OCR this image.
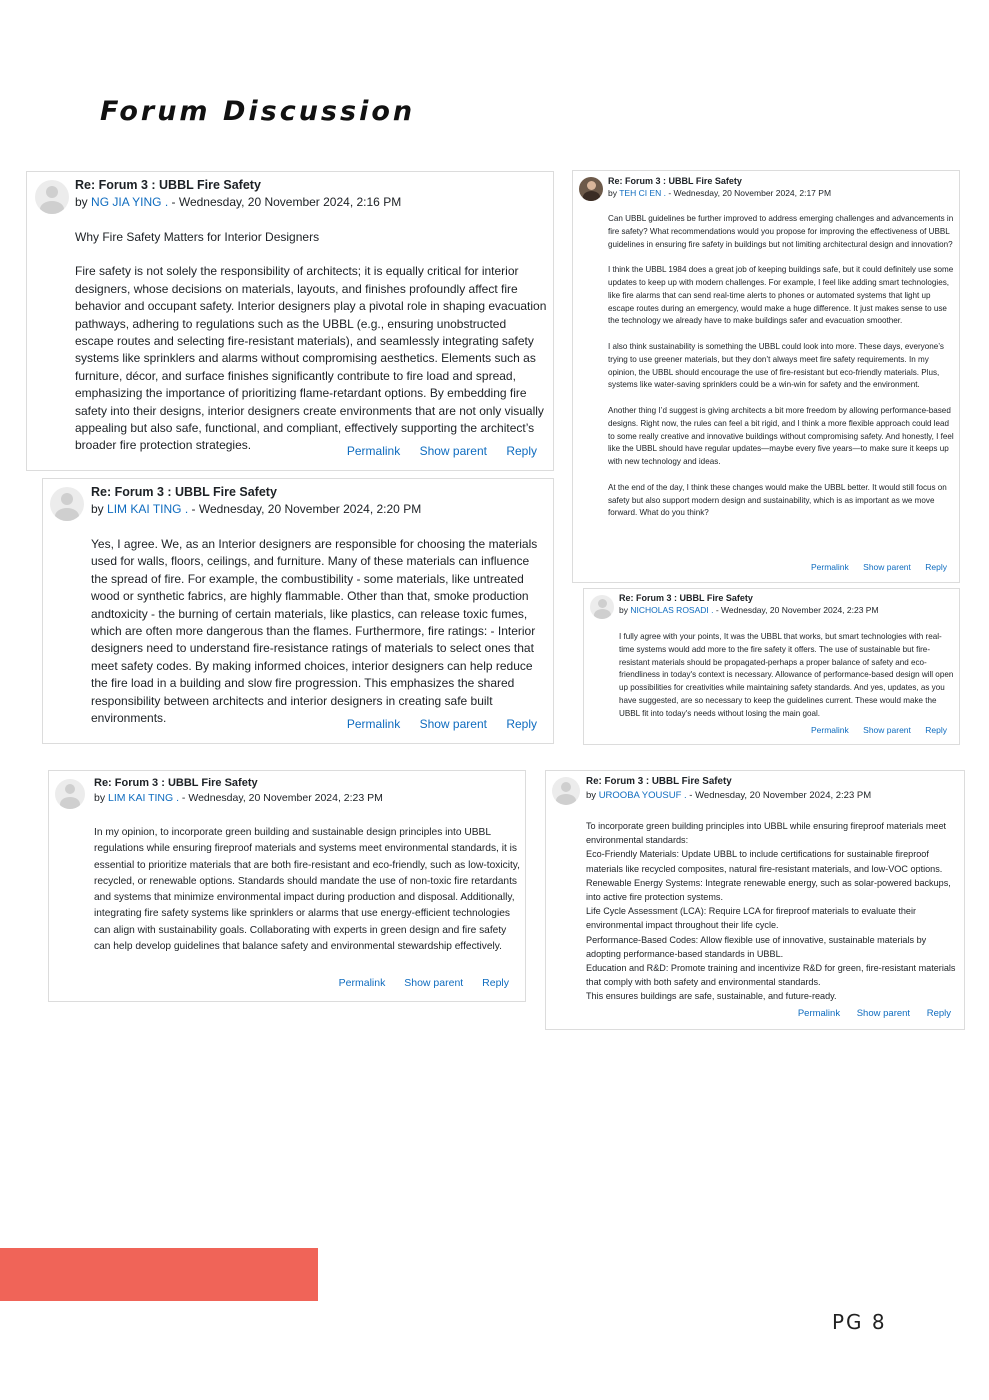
Forum Discussion
Re: Forum 3 : UBBL Fire Safety
by NG JIA YING . - Wednesday, 20 November 2024, 2:16 PM

Why Fire Safety Matters for Interior Designers

Fire safety is not solely the responsibility of architects; it is equally critical for interior designers, whose decisions on materials, layouts, and finishes profoundly affect fire behavior and occupant safety. Interior designers play a pivotal role in shaping evacuation pathways, adhering to regulations such as the UBBL (e.g., ensuring unobstructed escape routes and selecting fire-resistant materials), and seamlessly integrating safety systems like sprinklers and alarms without compromising aesthetics. Elements such as furniture, décor, and surface finishes significantly contribute to fire load and spread, emphasizing the importance of prioritizing flame-retardant options. By embedding fire safety into their designs, interior designers create environments that are not only visually appealing but also safe, functional, and compliant, effectively supporting the architect’s broader fire protection strategies.	Permalink Show parent Reply
Re: Forum 3 : UBBL Fire Safety
by LIM KAI TING . - Wednesday, 20 November 2024, 2:20 PM

Yes, I agree. We, as an Interior designers are responsible for choosing the materials used for walls, floors, ceilings, and furniture. Many of these materials can influence the spread of fire. For example, the combustibility - some materials, like untreated wood or synthetic fabrics, are highly flammable. Other than that, smoke production andtoxicity - the burning of certain materials, like plastics, can release toxic fumes, which are often more dangerous than the flames. Furthermore, fire ratings: - Interior designers need to understand fire-resistance ratings of materials to select ones that meet safety codes. By making informed choices, interior designers can help reduce the fire load in a building and slow fire progression. This emphasizes the shared responsibility between architects and interior designers in creating safe built environments.	Permalink Show parent Reply
Re: Forum 3 : UBBL Fire Safety
by TEH CI EN . - Wednesday, 20 November 2024, 2:17 PM

Can UBBL guidelines be further improved to address emerging challenges and advancements in fire safety? What recommendations would you propose for improving the effectiveness of UBBL guidelines in ensuring fire safety in buildings but not limiting architectural design and innovation?

I think the UBBL 1984 does a great job of keeping buildings safe, but it could definitely use some updates to keep up with modern challenges. For example, I feel like adding smart technologies, like fire alarms that can send real-time alerts to phones or automated systems that light up escape routes during an emergency, would make a huge difference. It just makes sense to use the technology we already have to make buildings safer and evacuation smoother.

I also think sustainability is something the UBBL could look into more. These days, everyone’s trying to use greener materials, but they don’t always meet fire safety requirements. In my opinion, the UBBL should encourage the use of fire-resistant but eco-friendly materials. Plus, systems like water-saving sprinklers could be a win-win for safety and the environment.

Another thing I’d suggest is giving architects a bit more freedom by allowing performance-based designs. Right now, the rules can feel a bit rigid, and I think a more flexible approach could lead to some really creative and innovative buildings without compromising safety. And honestly, I feel like the UBBL should have regular updates—maybe every five years—to make sure it keeps up with new technology and ideas.

At the end of the day, I think these changes would make the UBBL better. It would still focus on safety but also support modern design and sustainability, which is as important as we move forward. What do you think?

Permalink Show parent Reply
Re: Forum 3 : UBBL Fire Safety
by NICHOLAS ROSADI . - Wednesday, 20 November 2024, 2:23 PM

I fully agree with your points, It was the UBBL that works, but smart technologies with real-time systems would add more to the fire safety it offers. The use of sustainable but fire-resistant materials should be propagated-perhaps a proper balance of safety and eco-friendliness in today's context is necessary. Allowance of performance-based design will open up possibilities for creativities while maintaining safety standards. And yes, updates, as you have suggested, are so necessary to keep the guidelines current. These would make the UBBL fit into today's needs without losing the main goal.

Permalink Show parent Reply
Re: Forum 3 : UBBL Fire Safety
by LIM KAI TING . - Wednesday, 20 November 2024, 2:23 PM

In my opinion, to incorporate green building and sustainable design principles into UBBL regulations while ensuring fireproof materials and systems meet environmental standards, it is essential to prioritize materials that are both fire-resistant and eco-friendly, such as low-toxicity, recycled, or renewable options. Standards should mandate the use of non-toxic fire retardants and systems that minimize environmental impact during production and disposal. Additionally, integrating fire safety systems like sprinklers or alarms that use energy-efficient technologies can align with sustainability goals. Collaborating with experts in green design and fire safety can help develop guidelines that balance safety and environmental stewardship effectively.

Permalink Show parent Reply
Re: Forum 3 : UBBL Fire Safety
by UROOBA YOUSUF . - Wednesday, 20 November 2024, 2:23 PM

To incorporate green building principles into UBBL while ensuring fireproof materials meet environmental standards:

Eco-Friendly Materials: Update UBBL to include certifications for sustainable fireproof materials like recycled composites, natural fire-resistant materials, and low-VOC options.

Renewable Energy Systems: Integrate renewable energy, such as solar-powered backups, into active fire protection systems.

Life Cycle Assessment (LCA): Require LCA for fireproof materials to evaluate their environmental impact throughout their life cycle.

Performance-Based Codes: Allow flexible use of innovative, sustainable materials by adopting performance-based standards in UBBL.

Education and R&D: Promote training and incentivize R&D for green, fire-resistant materials that comply with both safety and environmental standards.

This ensures buildings are safe, sustainable, and future-ready.

Permalink Show parent Reply
PG 8
